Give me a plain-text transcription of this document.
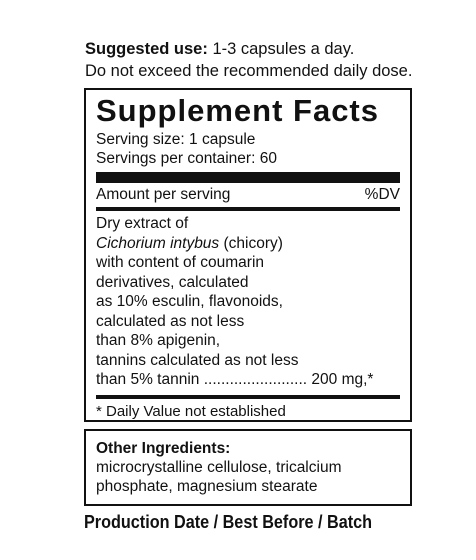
Suggested use: 1-3 capsules a day.
Do not exceed the recommended daily dose.
Supplement Facts
Serving size: 1 capsule
Servings per container: 60
Amount per serving	%DV
Dry extract of
Cichorium intybus (chicory)
with content of coumarin
derivatives, calculated
as 10% esculin, flavonoids,
calculated as not less
than 8% apigenin,
tannins calculated as not less
than 5% tannin ........................ 200 mg,*
* Daily Value not established
Other Ingredients:
microcrystalline cellulose, tricalcium phosphate, magnesium stearate
Production Date / Best Before / Batch
